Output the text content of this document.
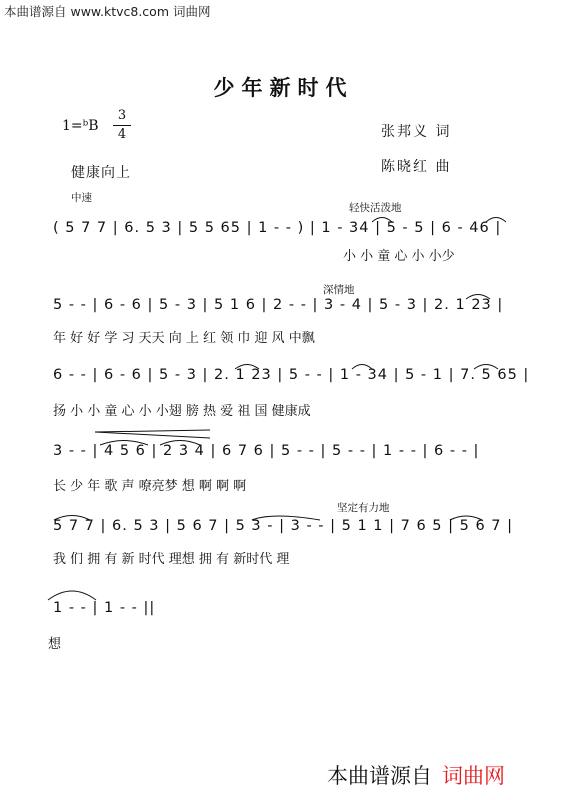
本曲谱源自 www.ktvc8.com 词曲网
少年新时代
1=ᵇB
3
4	张邦义 词
陈晓红 曲
健康向上
中速
轻快活泼地
深情地
坚定有力地
( 5 7 7 | 6. 5 3 | 5 5 65 | 1 - - ) | 1 - 34 | 5 - 5 | 6 - 46 |
小 小 童 心 小 小少
5 - - | 6 - 6 | 5 - 3 | 5 1 6 | 2 - - | 3 - 4 | 5 - 3 | 2. 1 23 |
年 好 好 学 习 天天 向 上 红 领 巾 迎 风 中飘
6 - - | 6 - 6 | 5 - 3 | 2. 1 23 | 5 - - | 1 - 34 | 5 - 1 | 7. 5 65 |
扬 小 小 童 心 小 小翅 膀 热 爱 祖 国 健康成
3 - - | 4 5 6 | 2 3 4 | 6 7 6 | 5 - - | 5 - - | 1 - - | 6 - - |
长 少 年 歌 声 嘹亮梦 想 啊 啊 啊
5 7 7 | 6. 5 3 | 5 6 7 | 5 3 - | 3 - - | 5 1 1 | 7 6 5 | 5 6 7 |
我 们 拥 有 新 时代 理想 拥 有 新时代 理
1 - - | 1 - - ||
想
本曲谱源自 词曲网
